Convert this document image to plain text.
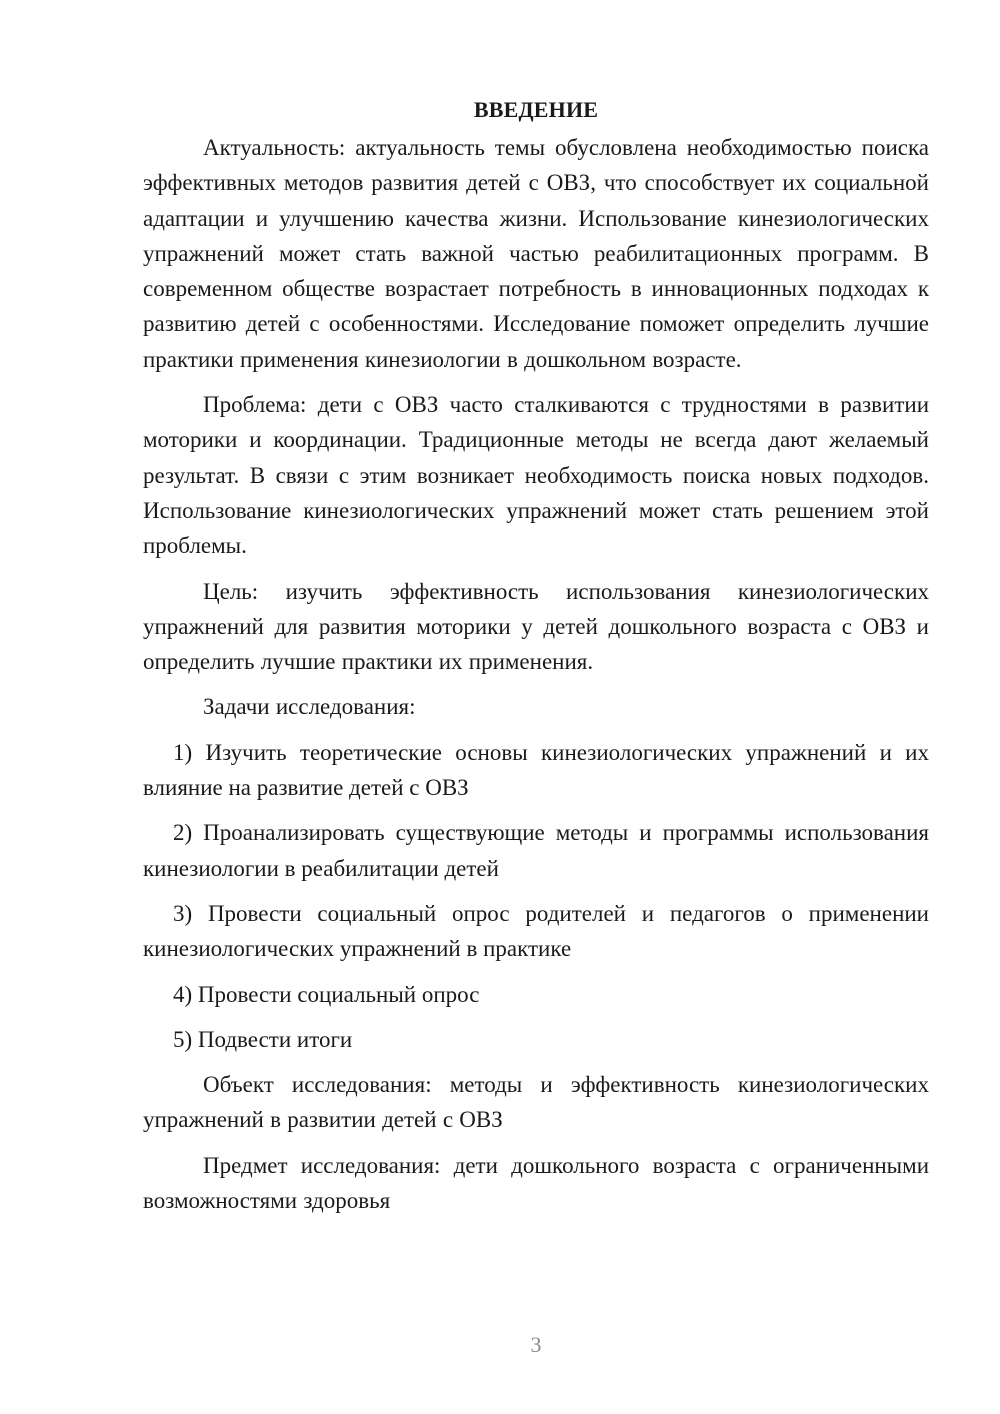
ВВЕДЕНИЕ

Актуальность: актуальность темы обусловлена необходимостью поиска эффективных методов развития детей с ОВЗ, что способствует их социальной адаптации и улучшению качества жизни. Использование кинезиологических упражнений может стать важной частью реабилитационных программ. В современном обществе возрастает потребность в инновационных подходах к развитию детей с особенностями. Исследование поможет определить лучшие практики применения кинезиологии в дошкольном возрасте.

Проблема: дети с ОВЗ часто сталкиваются с трудностями в развитии моторики и координации. Традиционные методы не всегда дают желаемый результат. В связи с этим возникает необходимость поиска новых подходов. Использование кинезиологических упражнений может стать решением этой проблемы.

Цель: изучить эффективность использования кинезиологических упражнений для развития моторики у детей дошкольного возраста с ОВЗ и определить лучшие практики их применения.

Задачи исследования:

1) Изучить теоретические основы кинезиологических упражнений и их влияние на развитие детей с ОВЗ

2) Проанализировать существующие методы и программы использования кинезиологии в реабилитации детей

3) Провести социальный опрос родителей и педагогов о применении кинезиологических упражнений в практике

4) Провести социальный опрос

5) Подвести итоги

Объект исследования: методы и эффективность кинезиологических упражнений в развитии детей с ОВЗ

Предмет исследования: дети дошкольного возраста с ограниченными возможностями здоровья

3
